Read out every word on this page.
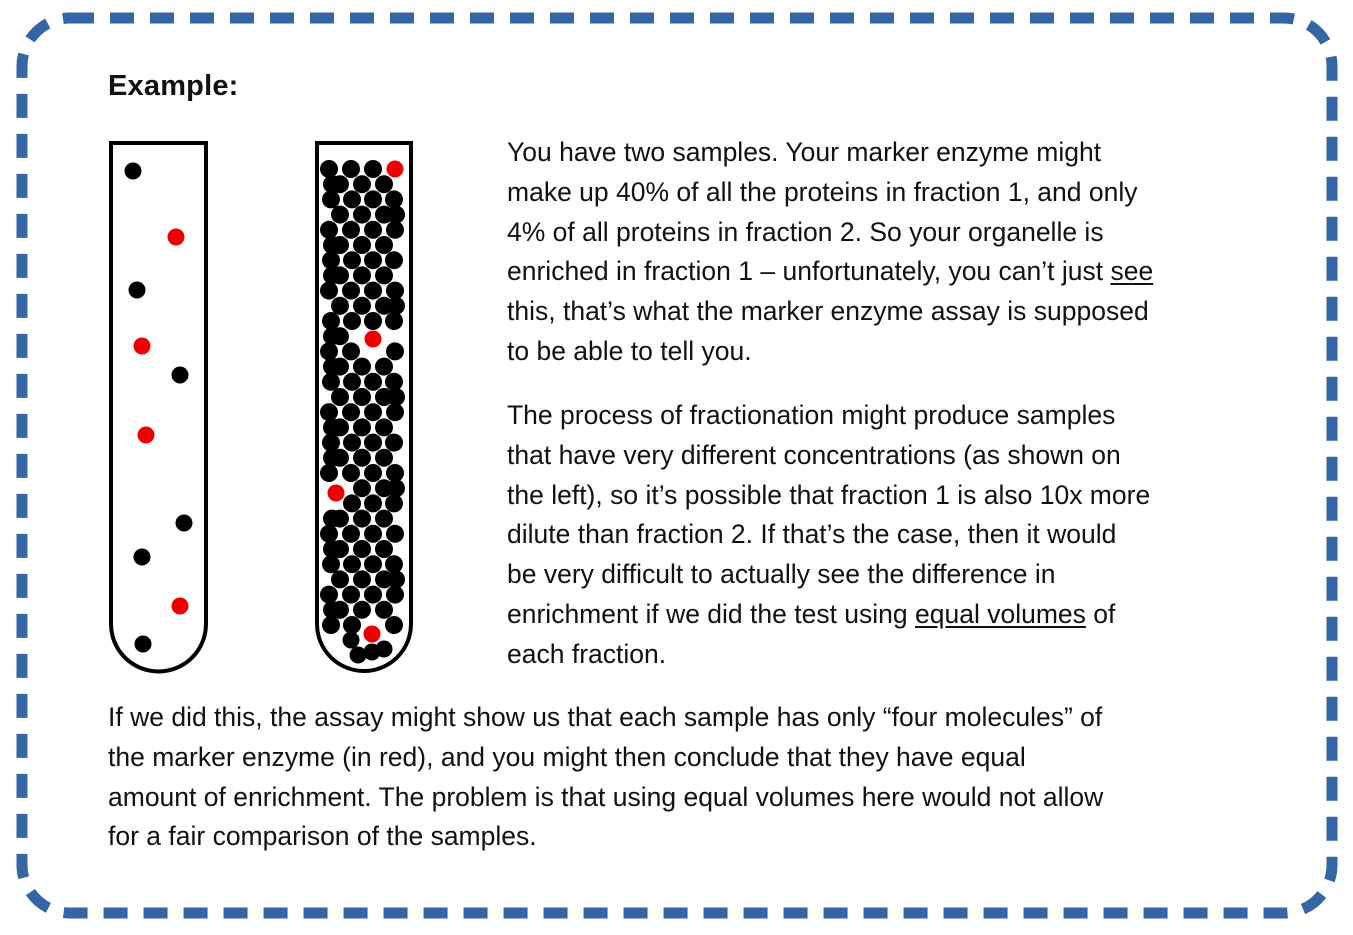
Example:
You have two samples. Your marker enzyme might
make up 40% of all the proteins in fraction 1, and only
4% of all proteins in fraction 2. So your organelle is
enriched in fraction 1 – unfortunately, you can’t just see
this, that’s what the marker enzyme assay is supposed
to be able to tell you.
The process of fractionation might produce samples
that have very different concentrations (as shown on
the left), so it’s possible that fraction 1 is also 10x more
dilute than fraction 2. If that’s the case, then it would
be very difficult to actually see the difference in
enrichment if we did the test using equal volumes of
each fraction.
If we did this, the assay might show us that each sample has only “four molecules” of
the marker enzyme (in red), and you might then conclude that they have equal
amount of enrichment. The problem is that using equal volumes here would not allow
for a fair comparison of the samples.
